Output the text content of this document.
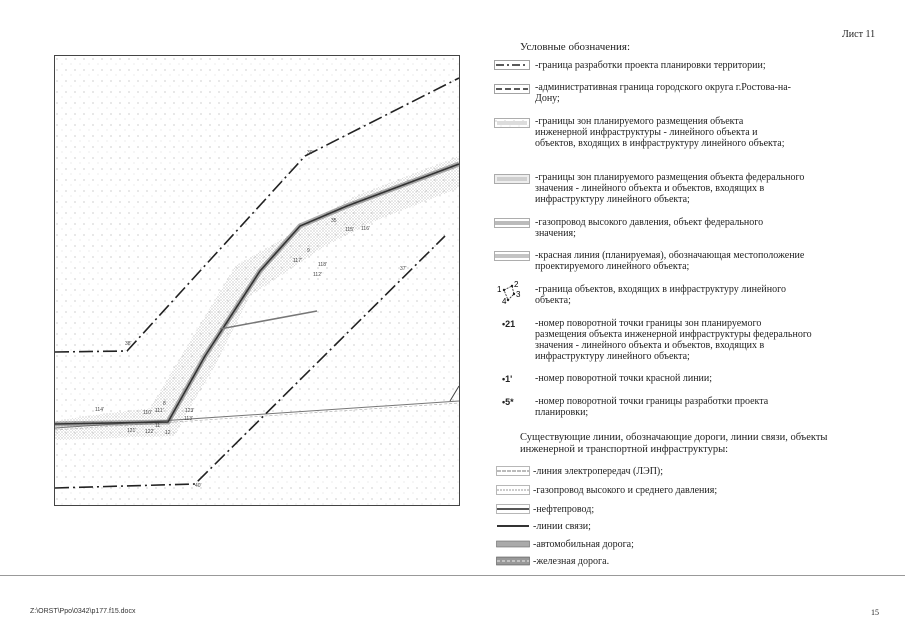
Лист 11
39'
38'
37'
40'
35
115' 116'
9
117'
118'
110' 111'
112'
113'
114'
8
11
12
121' 122'
123'
Условные обозначения:
-граница разработки проекта планировки территории;
-административная граница городского округа г.Ростова-на-Дону;
-границы зон планируемого размещения объекта инженерной инфраструктуры - линейного объекта и объектов, входящих в инфраструктуру линейного объекта;
-границы зон планируемого размещения объекта федерального значения - линейного объекта и объектов, входящих в инфраструктуру линейного объекта;
-газопровод высокого давления, объект федерального значения;
-красная линия (планируемая), обозначающая местоположение проектируемого линейного объекта;
1
2
3
4
-граница объектов, входящих в инфраструктуру линейного объекта;
•21	-номер поворотной точки границы зон планируемого размещения объекта инженерной инфраструктуры федерального значения - линейного объекта и объектов, входящих в инфраструктуру линейного объекта;
•1'	-номер поворотной точки красной линии;
•5*	-номер поворотной точки границы разработки проекта планировки;
Существующие линии, обозначающие дороги, линии связи, объекты инженерной и транспортной инфраструктуры:
-линия электропередач (ЛЭП);
-газопровод высокого и среднего давления;
-нефтепровод;
-линии связи;
-автомобильная дорога;
-железная дорога.
Z:\ORST\Ppo\0342\p177.f15.docx	15
